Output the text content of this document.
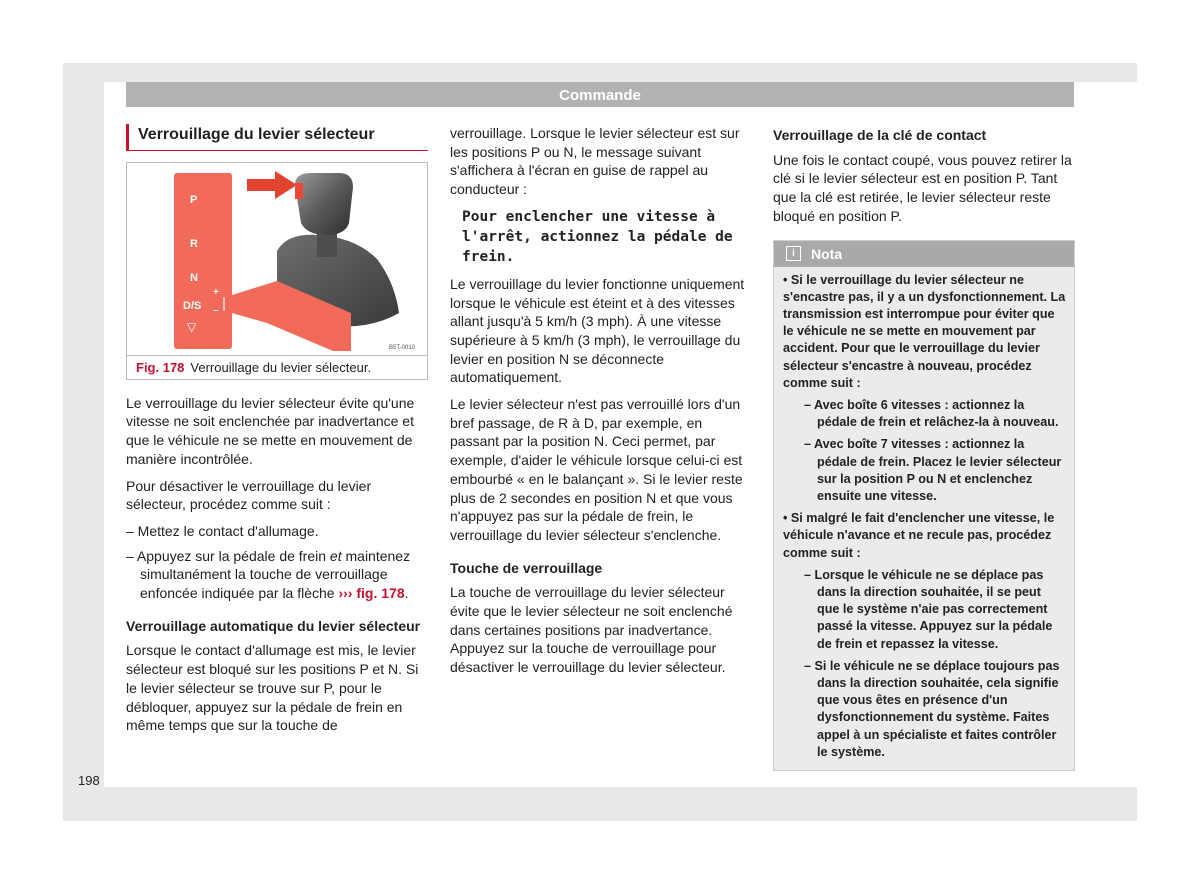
Commande
Verrouillage du levier sélecteur
P
R
N
D/S
▽
+
–
B5T-0010
Fig. 178 Verrouillage du levier sélecteur.

Le verrouillage du levier sélecteur évite qu'une vitesse ne soit enclenchée par inadvertance et que le véhicule ne se mette en mouvement de manière incontrôlée.

Pour désactiver le verrouillage du levier sélecteur, procédez comme suit :

– Mettez le contact d'allumage.
– Appuyez sur la pédale de frein et maintenez simultanément la touche de verrouillage enfoncée indiquée par la flèche ››› fig. 178.
Verrouillage automatique du levier sélecteur

Lorsque le contact d'allumage est mis, le levier sélecteur est bloqué sur les positions P et N. Si le levier sélecteur se trouve sur P, pour le débloquer, appuyez sur la pédale de frein en même temps que sur la touche de

verrouillage. Lorsque le levier sélecteur est sur les positions P ou N, le message suivant s'affichera à l'écran en guise de rappel au conducteur :

Pour enclencher une vitesse à l'arrêt, actionnez la pédale de frein.

Le verrouillage du levier fonctionne uniquement lorsque le véhicule est éteint et à des vitesses allant jusqu'à 5 km/h (3 mph). À une vitesse supérieure à 5 km/h (3 mph), le verrouillage du levier en position N se déconnecte automatiquement.

Le levier sélecteur n'est pas verrouillé lors d'un bref passage, de R à D, par exemple, en passant par la position N. Ceci permet, par exemple, d'aider le véhicule lorsque celui-ci est embourbé « en le balançant ». Si le levier reste plus de 2 secondes en position N et que vous n'appuyez pas sur la pédale de frein, le verrouillage du levier sélecteur s'enclenche.

Touche de verrouillage

La touche de verrouillage du levier sélecteur évite que le levier sélecteur ne soit enclenché dans certaines positions par inadvertance. Appuyez sur la touche de verrouillage pour désactiver le verrouillage du levier sélecteur.

Verrouillage de la clé de contact

Une fois le contact coupé, vous pouvez retirer la clé si le levier sélecteur est en position P. Tant que la clé est retirée, le levier sélecteur reste bloqué en position P.

i	Nota
• Si le verrouillage du levier sélecteur ne s'encastre pas, il y a un dysfonctionnement. La transmission est interrompue pour éviter que le véhicule ne se mette en mouvement par accident. Pour que le verrouillage du levier sélecteur s'encastre à nouveau, procédez comme suit :
– Avec boîte 6 vitesses : actionnez la pédale de frein et relâchez-la à nouveau.
– Avec boîte 7 vitesses : actionnez la pédale de frein. Placez le levier sélecteur sur la position P ou N et enclenchez ensuite une vitesse.
• Si malgré le fait d'enclencher une vitesse, le véhicule n'avance et ne recule pas, procédez comme suit :
– Lorsque le véhicule ne se déplace pas dans la direction souhaitée, il se peut que le système n'aie pas correctement passé la vitesse. Appuyez sur la pédale de frein et repassez la vitesse.
– Si le véhicule ne se déplace toujours pas dans la direction souhaitée, cela signifie que vous êtes en présence d'un dysfonctionnement du système. Faites appel à un spécialiste et faites contrôler le système.
198
